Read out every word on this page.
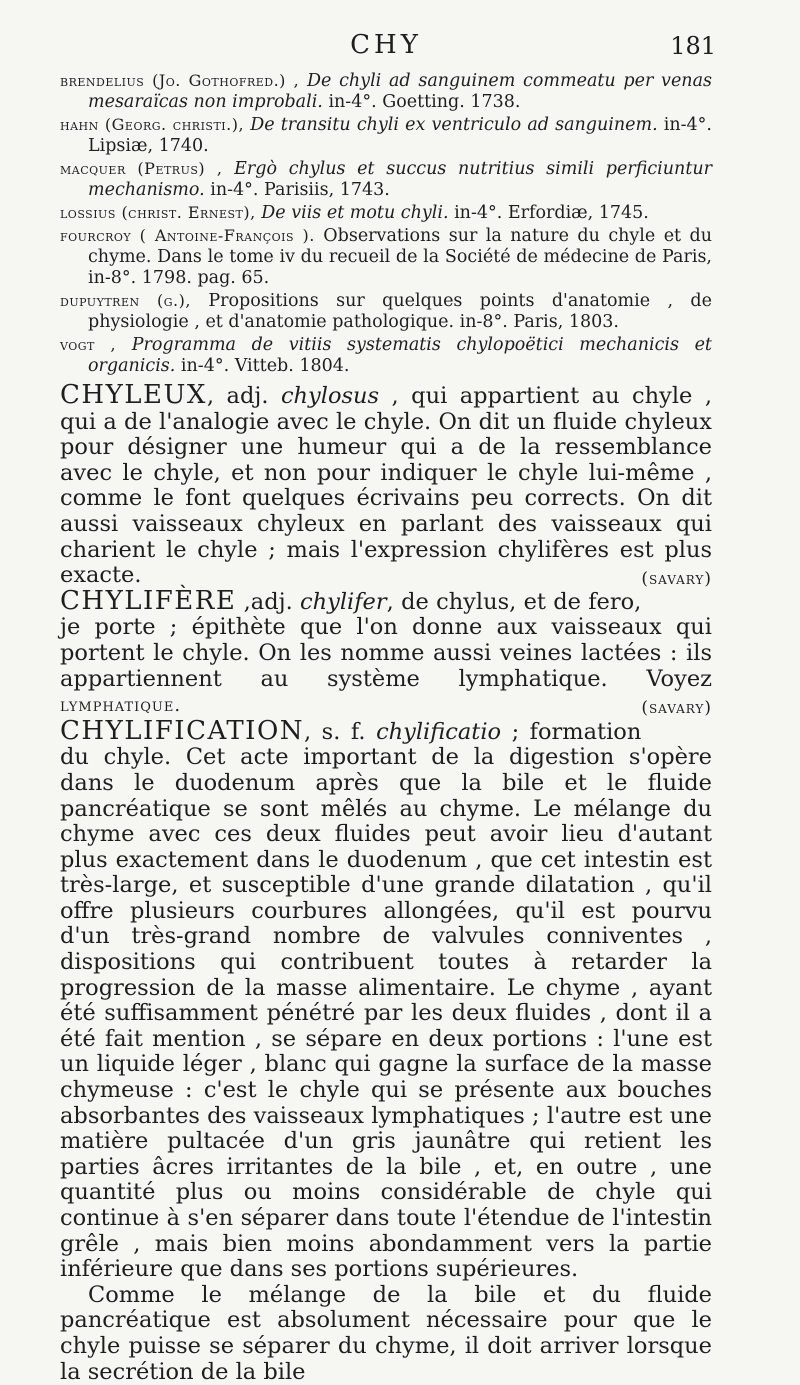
CHY	181
brendelius (Jo. Gothofred.) , De chyli ad sanguinem commeatu per venas mesaraïcas non improbali. in-4°. Goetting. 1738.
hahn (Georg. christi.), De transitu chyli ex ventriculo ad sanguinem. in-4°. Lipsiæ, 1740.
macquer (Petrus) , Ergò chylus et succus nutritius simili perficiuntur mechanismo. in-4°. Parisiis, 1743.
lossius (christ. Ernest), De viis et motu chyli. in-4°. Erfordiæ, 1745.
fourcroy ( Antoine-François ). Observations sur la nature du chyle et du chyme. Dans le tome iv du recueil de la Société de médecine de Paris, in-8°. 1798. pag. 65.
dupuytren (g.), Propositions sur quelques points d'anatomie , de physiologie , et d'anatomie pathologique. in-8°. Paris, 1803.
vogt , Programma de vitiis systematis chylopoëtici mechanicis et organicis. in-4°. Vitteb. 1804.

CHYLEUX, adj. chylosus , qui appartient au chyle , qui a de l'analogie avec le chyle. On dit un fluide chyleux pour désigner une humeur qui a de la ressemblance avec le chyle, et non pour indiquer le chyle lui-même , comme le font quelques écrivains peu corrects. On dit aussi vaisseaux chyleux en parlant des vaisseaux qui charient le chyle ; mais l'expression chylifères est plus exacte.	(savary)

CHYLIFÈRE ,adj. chylifer, de chylus, et de fero, je porte ; épithète que l'on donne aux vaisseaux qui portent le chyle. On les nomme aussi veines lactées : ils appartiennent au système lymphatique. Voyez lymphatique.	(savary)

CHYLIFICATION, s. f. chylificatio ; formation du chyle. Cet acte important de la digestion s'opère dans le duodenum après que la bile et le fluide pancréatique se sont mêlés au chyme. Le mélange du chyme avec ces deux fluides peut avoir lieu d'autant plus exactement dans le duodenum , que cet intestin est très-large, et susceptible d'une grande dilatation , qu'il offre plusieurs courbures allongées, qu'il est pourvu d'un très-grand nombre de valvules conniventes , dispositions qui contribuent toutes à retarder la progression de la masse alimentaire. Le chyme , ayant été suffisamment pénétré par les deux fluides , dont il a été fait mention , se sépare en deux portions : l'une est un liquide léger , blanc qui gagne la surface de la masse chymeuse : c'est le chyle qui se présente aux bouches absorbantes des vaisseaux lymphatiques ; l'autre est une matière pultacée d'un gris jaunâtre qui retient les parties âcres irritantes de la bile , et, en outre , une quantité plus ou moins considérable de chyle qui continue à s'en séparer dans toute l'étendue de l'intestin grêle , mais bien moins abondamment vers la partie inférieure que dans ses portions supérieures.

Comme le mélange de la bile et du fluide pancréatique est absolument nécessaire pour que le chyle puisse se séparer du chyme, il doit arriver lorsque la secrétion de la bile
